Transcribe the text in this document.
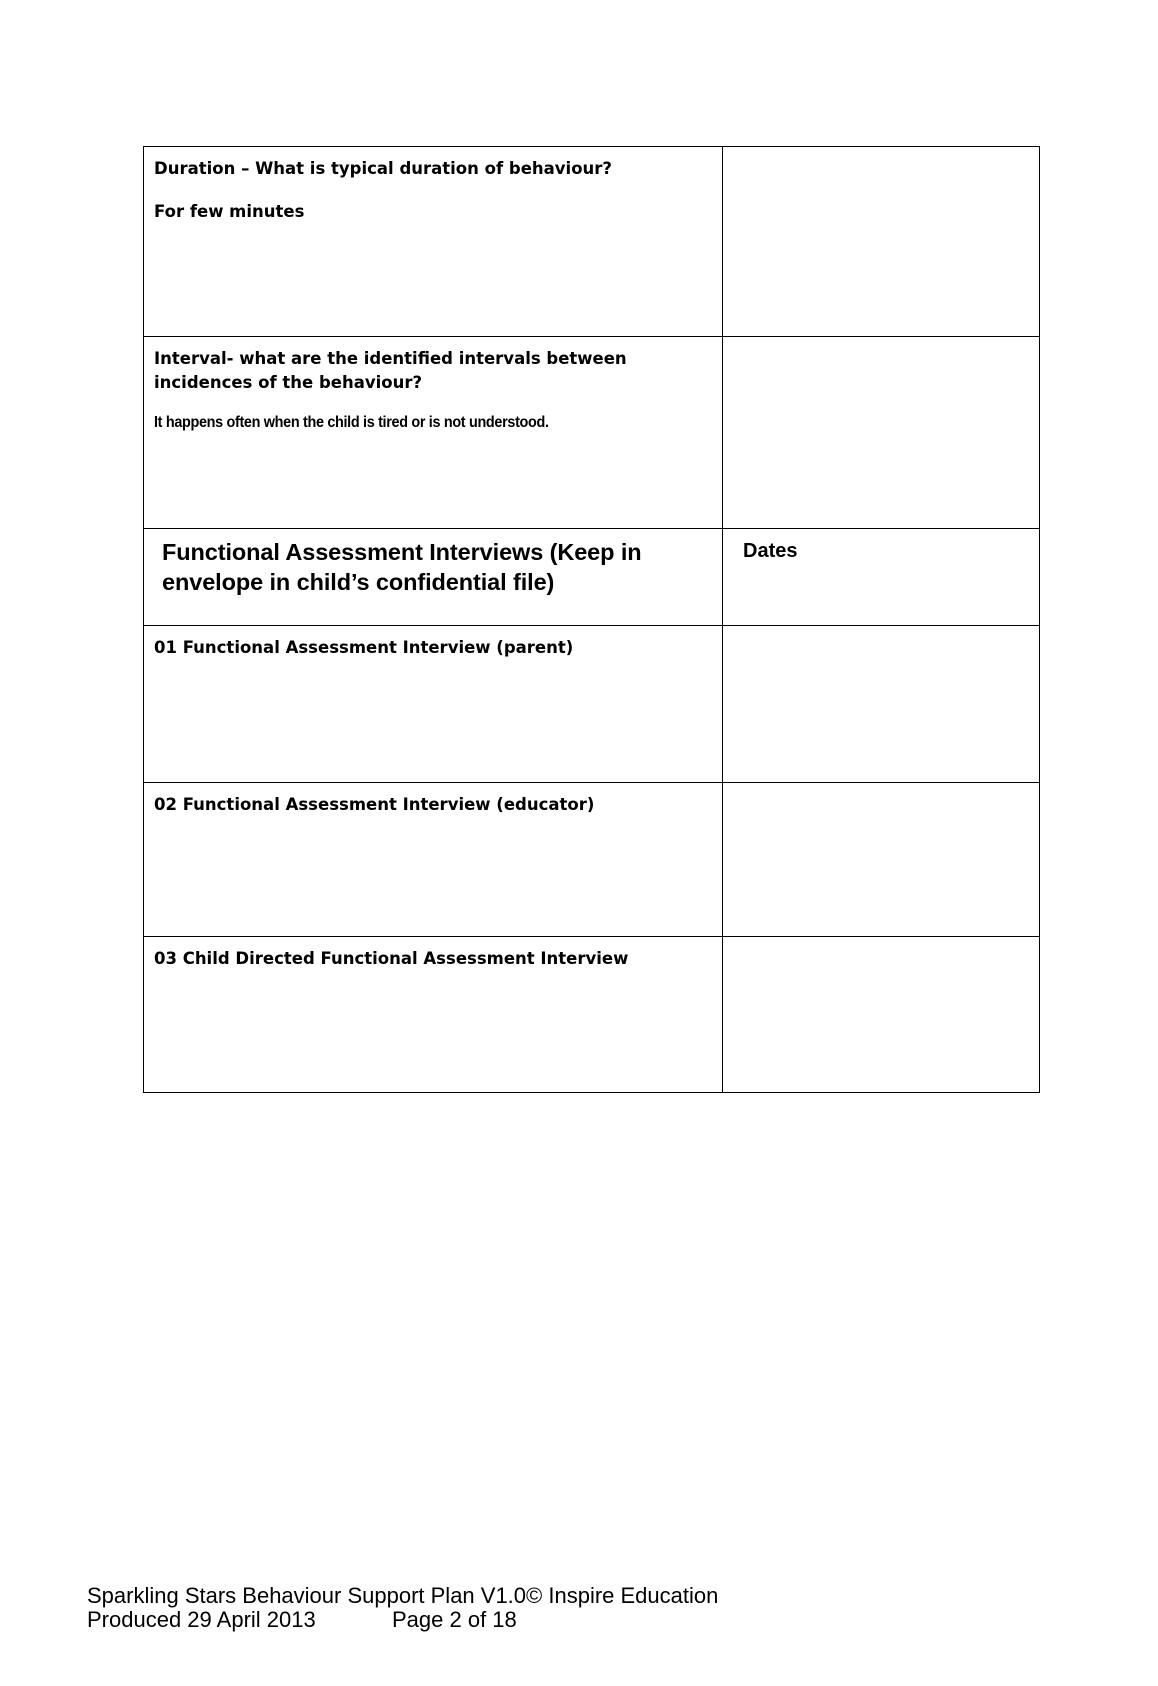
Duration – What is typical duration of behaviour?

For few minutes	

Interval- what are the identified intervals between incidences of the behaviour?

It happens often when the child is tired or is not understood.	

Functional Assessment Interviews (Keep in envelope in child’s confidential file)	Dates

01 Functional Assessment Interview (parent)	

02 Functional Assessment Interview (educator)	

03 Child Directed Functional Assessment Interview	

Sparkling Stars Behaviour Support Plan V1.0© Inspire Education
Produced 29 April 2013	Page 2 of 18
